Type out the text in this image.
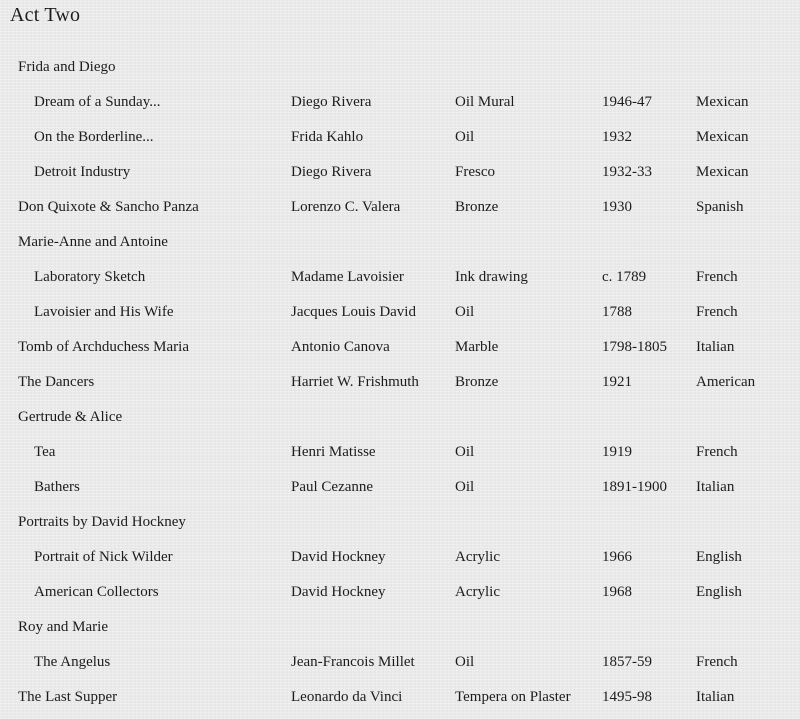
Act Two
Frida and Diego				
Dream of a Sunday...	Diego Rivera	Oil Mural	1946-47	Mexican
On the Borderline...	Frida Kahlo	Oil	1932	Mexican
Detroit Industry	Diego Rivera	Fresco	1932-33	Mexican
Don Quixote & Sancho Panza	Lorenzo C. Valera	Bronze	1930	Spanish
Marie-Anne and Antoine				
Laboratory Sketch	Madame Lavoisier	Ink drawing	c. 1789	French
Lavoisier and His Wife	Jacques Louis David	Oil	1788	French
Tomb of Archduchess Maria	Antonio Canova	Marble	1798-1805	Italian
The Dancers	Harriet W. Frishmuth	Bronze	1921	American
Gertrude & Alice				
Tea	Henri Matisse	Oil	1919	French
Bathers	Paul Cezanne	Oil	1891-1900	Italian
Portraits by David Hockney				
Portrait of Nick Wilder	David Hockney	Acrylic	1966	English
American Collectors	David Hockney	Acrylic	1968	English
Roy and Marie				
The Angelus	Jean-Francois Millet	Oil	1857-59	French
The Last Supper	Leonardo da Vinci	Tempera on Plaster	1495-98	Italian
